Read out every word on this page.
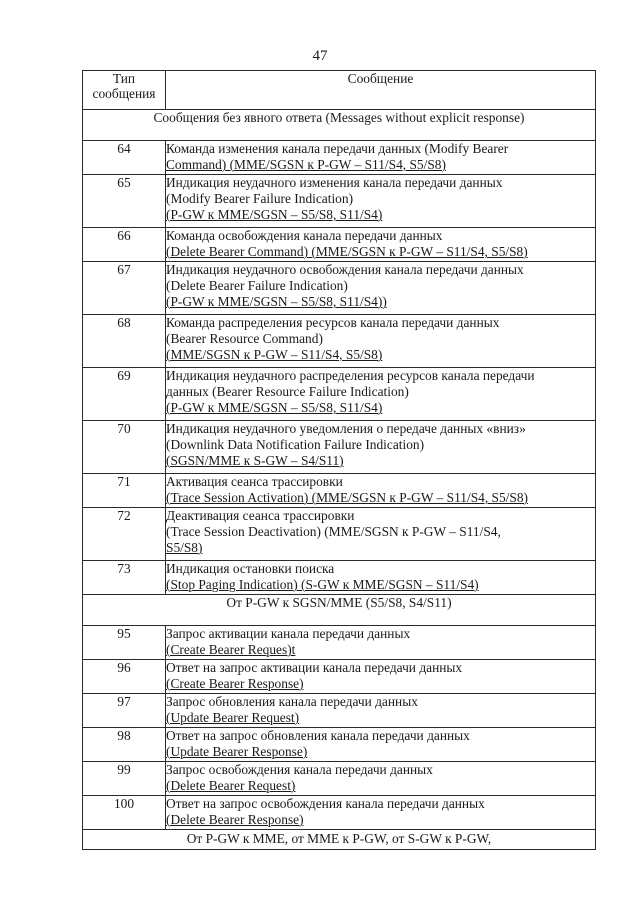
47
Тип
сообщения	Сообщение
Сообщения без явного ответа (Messages without explicit response)	
64	Команда изменения канала передачи данных (Modify Bearer
Command) (MME/SGSN к P-GW – S11/S4, S5/S8)

65	Индикация неудачного изменения канала передачи данных
(Modify Bearer Failure Indication)
(P-GW к MME/SGSN – S5/S8, S11/S4)

66	Команда освобождения канала передачи данных
(Delete Bearer Command) (MME/SGSN к P-GW – S11/S4, S5/S8)

67	Индикация неудачного освобождения канала передачи данных
(Delete Bearer Failure Indication)
(P-GW к MME/SGSN – S5/S8, S11/S4))

68	Команда распределения ресурсов канала передачи данных
(Bearer Resource Command)
(MME/SGSN к P-GW – S11/S4, S5/S8)

69	Индикация неудачного распределения ресурсов канала передачи
данных (Bearer Resource Failure Indication)
(P-GW к MME/SGSN – S5/S8, S11/S4)

70	Индикация неудачного уведомления о передаче данных «вниз»
(Downlink Data Notification Failure Indication)
(SGSN/MME к S-GW – S4/S11)

71	Активация сеанса трассировки
(Trace Session Activation) (MME/SGSN к P-GW – S11/S4, S5/S8)

72	Деактивация сеанса трассировки
(Trace Session Deactivation) (MME/SGSN к P-GW – S11/S4,
S5/S8)

73	Индикация остановки поиска
(Stop Paging Indication) (S-GW к MME/SGSN – S11/S4)

От P-GW к SGSN/MME (S5/S8, S4/S11)	
95	Запрос активации канала передачи данных
(Create Bearer Reques)t

96	Ответ на запрос активации канала передачи данных
(Create Bearer Response)

97	Запрос обновления канала передачи данных
(Update Bearer Request)

98	Ответ на запрос обновления канала передачи данных
(Update Bearer Response)

99	Запрос освобождения канала передачи данных
(Delete Bearer Request)

100	Ответ на запрос освобождения канала передачи данных
(Delete Bearer Response)

От P-GW к MME, от MME к P-GW, от S-GW к P-GW,	
